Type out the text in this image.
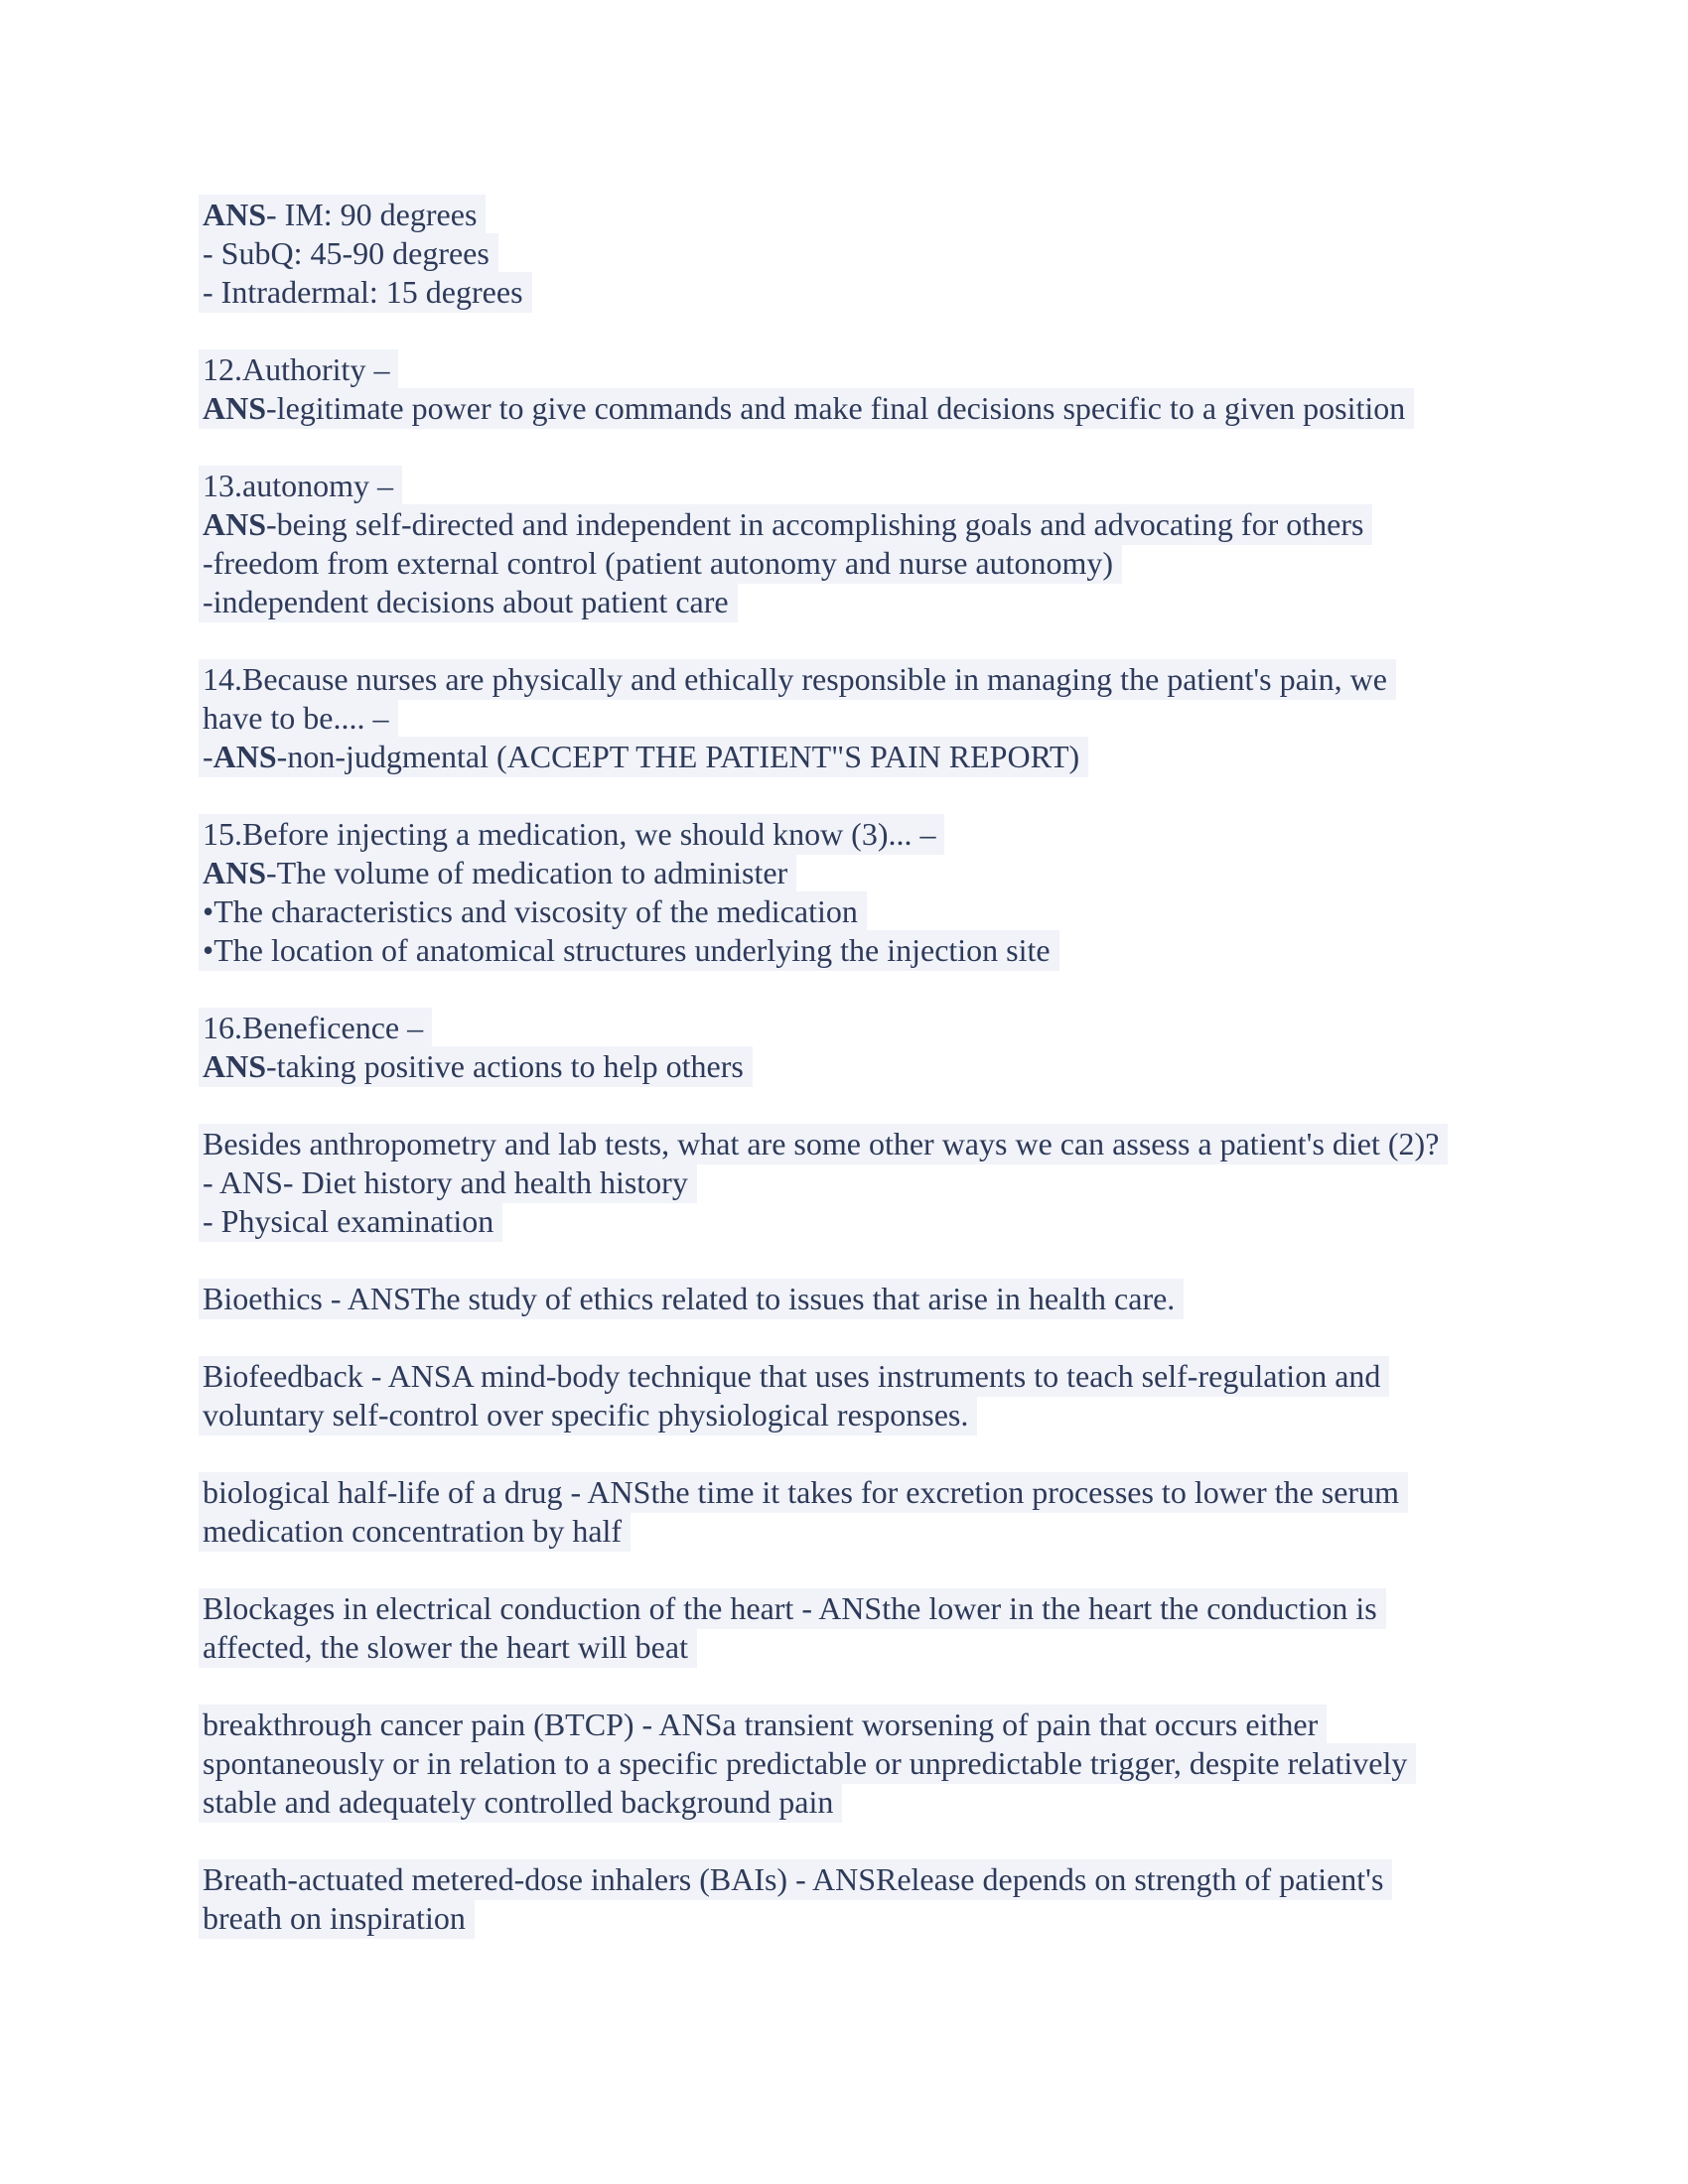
ANS- IM: 90 degrees
- SubQ: 45-90 degrees
- Intradermal: 15 degrees

12.Authority –
ANS-legitimate power to give commands and make final decisions specific to a given position

13.autonomy –
ANS-being self-directed and independent in accomplishing goals and advocating for others
-freedom from external control (patient autonomy and nurse autonomy)
-independent decisions about patient care

14.Because nurses are physically and ethically responsible in managing the patient's pain, we
have to be.... –
-ANS-non-judgmental (ACCEPT THE PATIENT"S PAIN REPORT)

15.Before injecting a medication, we should know (3)... –
ANS-The volume of medication to administer
•The characteristics and viscosity of the medication
•The location of anatomical structures underlying the injection site

16.Beneficence –
ANS-taking positive actions to help others

Besides anthropometry and lab tests, what are some other ways we can assess a patient's diet (2)?
- ANS- Diet history and health history
- Physical examination

Bioethics - ANSThe study of ethics related to issues that arise in health care.

Biofeedback - ANSA mind-body technique that uses instruments to teach self-regulation and
voluntary self-control over specific physiological responses.

biological half-life of a drug - ANSthe time it takes for excretion processes to lower the serum
medication concentration by half

Blockages in electrical conduction of the heart - ANSthe lower in the heart the conduction is
affected, the slower the heart will beat

breakthrough cancer pain (BTCP) - ANSa transient worsening of pain that occurs either
spontaneously or in relation to a specific predictable or unpredictable trigger, despite relatively
stable and adequately controlled background pain

Breath-actuated metered-dose inhalers (BAIs) - ANSRelease depends on strength of patient's
breath on inspiration
